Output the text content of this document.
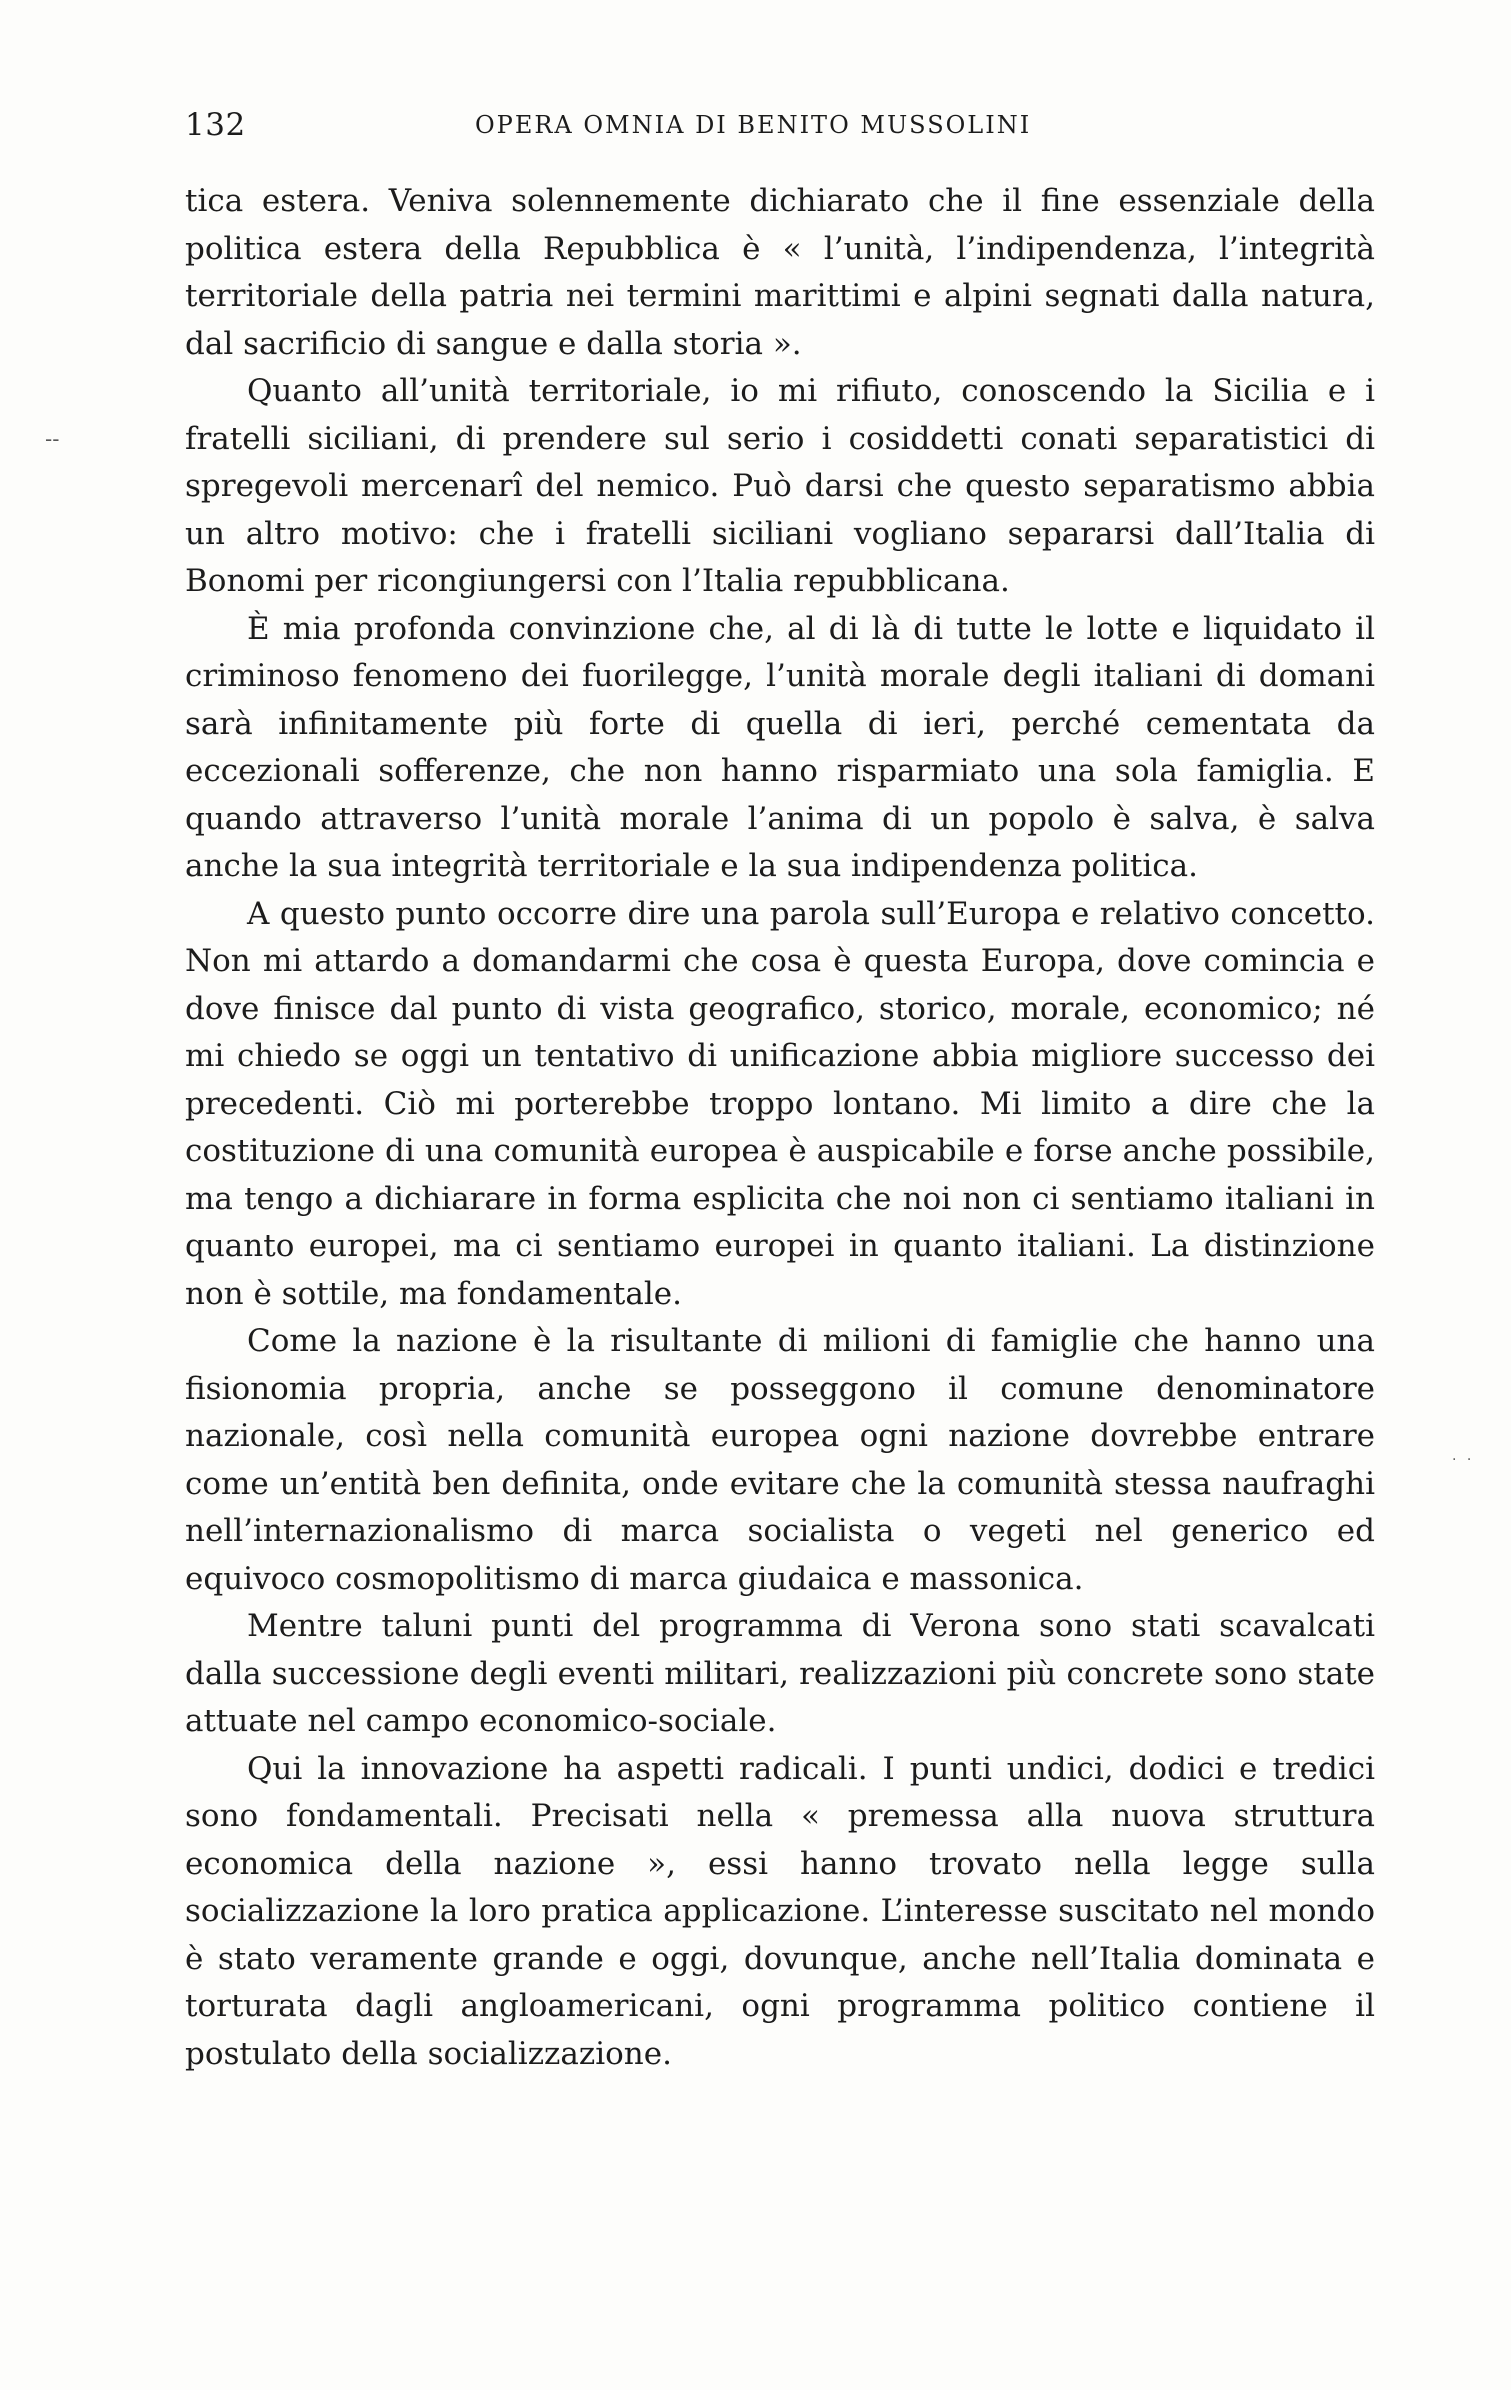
132	OPERA OMNIA DI BENITO MUSSOLINI
--
. .

tica estera. Veniva solennemente dichiarato che il fine essenziale della politica estera della Repubblica è « l’unità, l’indipendenza, l’integrità territoriale della patria nei termini marittimi e alpini segnati dalla natura, dal sacrificio di sangue e dalla storia ».

Quanto all’unità territoriale, io mi rifiuto, conoscendo la Sicilia e i fratelli siciliani, di prendere sul serio i cosiddetti conati separatistici di spregevoli mercenarî del nemico. Può darsi che questo separatismo abbia un altro motivo: che i fratelli siciliani vogliano separarsi dall’Italia di Bonomi per ricongiungersi con l’Italia repubblicana.

È mia profonda convinzione che, al di là di tutte le lotte e liquidato il criminoso fenomeno dei fuorilegge, l’unità morale degli italiani di domani sarà infinitamente più forte di quella di ieri, perché cementata da eccezionali sofferenze, che non hanno risparmiato una sola famiglia. E quando attraverso l’unità morale l’anima di un popolo è salva, è salva anche la sua integrità territoriale e la sua indipendenza politica.

A questo punto occorre dire una parola sull’Europa e relativo concetto. Non mi attardo a domandarmi che cosa è questa Europa, dove comincia e dove finisce dal punto di vista geografico, storico, morale, economico; né mi chiedo se oggi un tentativo di unificazione abbia migliore successo dei precedenti. Ciò mi porterebbe troppo lontano. Mi limito a dire che la costituzione di una comunità europea è auspicabile e forse anche possibile, ma tengo a dichiarare in forma esplicita che noi non ci sentiamo italiani in quanto europei, ma ci sentiamo europei in quanto italiani. La distinzione non è sottile, ma fondamentale.

Come la nazione è la risultante di milioni di famiglie che hanno una fisionomia propria, anche se posseggono il comune denominatore nazionale, così nella comunità europea ogni nazione dovrebbe entrare come un’entità ben definita, onde evitare che la comunità stessa naufraghi nell’internazionalismo di marca socialista o vegeti nel generico ed equivoco cosmopolitismo di marca giudaica e massonica.

Mentre taluni punti del programma di Verona sono stati scavalcati dalla successione degli eventi militari, realizzazioni più concrete sono state attuate nel campo economico-sociale.

Qui la innovazione ha aspetti radicali. I punti undici, dodici e tredici sono fondamentali. Precisati nella « premessa alla nuova struttura economica della nazione », essi hanno trovato nella legge sulla socializzazione la loro pratica applicazione. L’interesse suscitato nel mondo è stato veramente grande e oggi, dovunque, anche nell’Italia dominata e torturata dagli angloamericani, ogni programma politico contiene il postulato della socializzazione.
